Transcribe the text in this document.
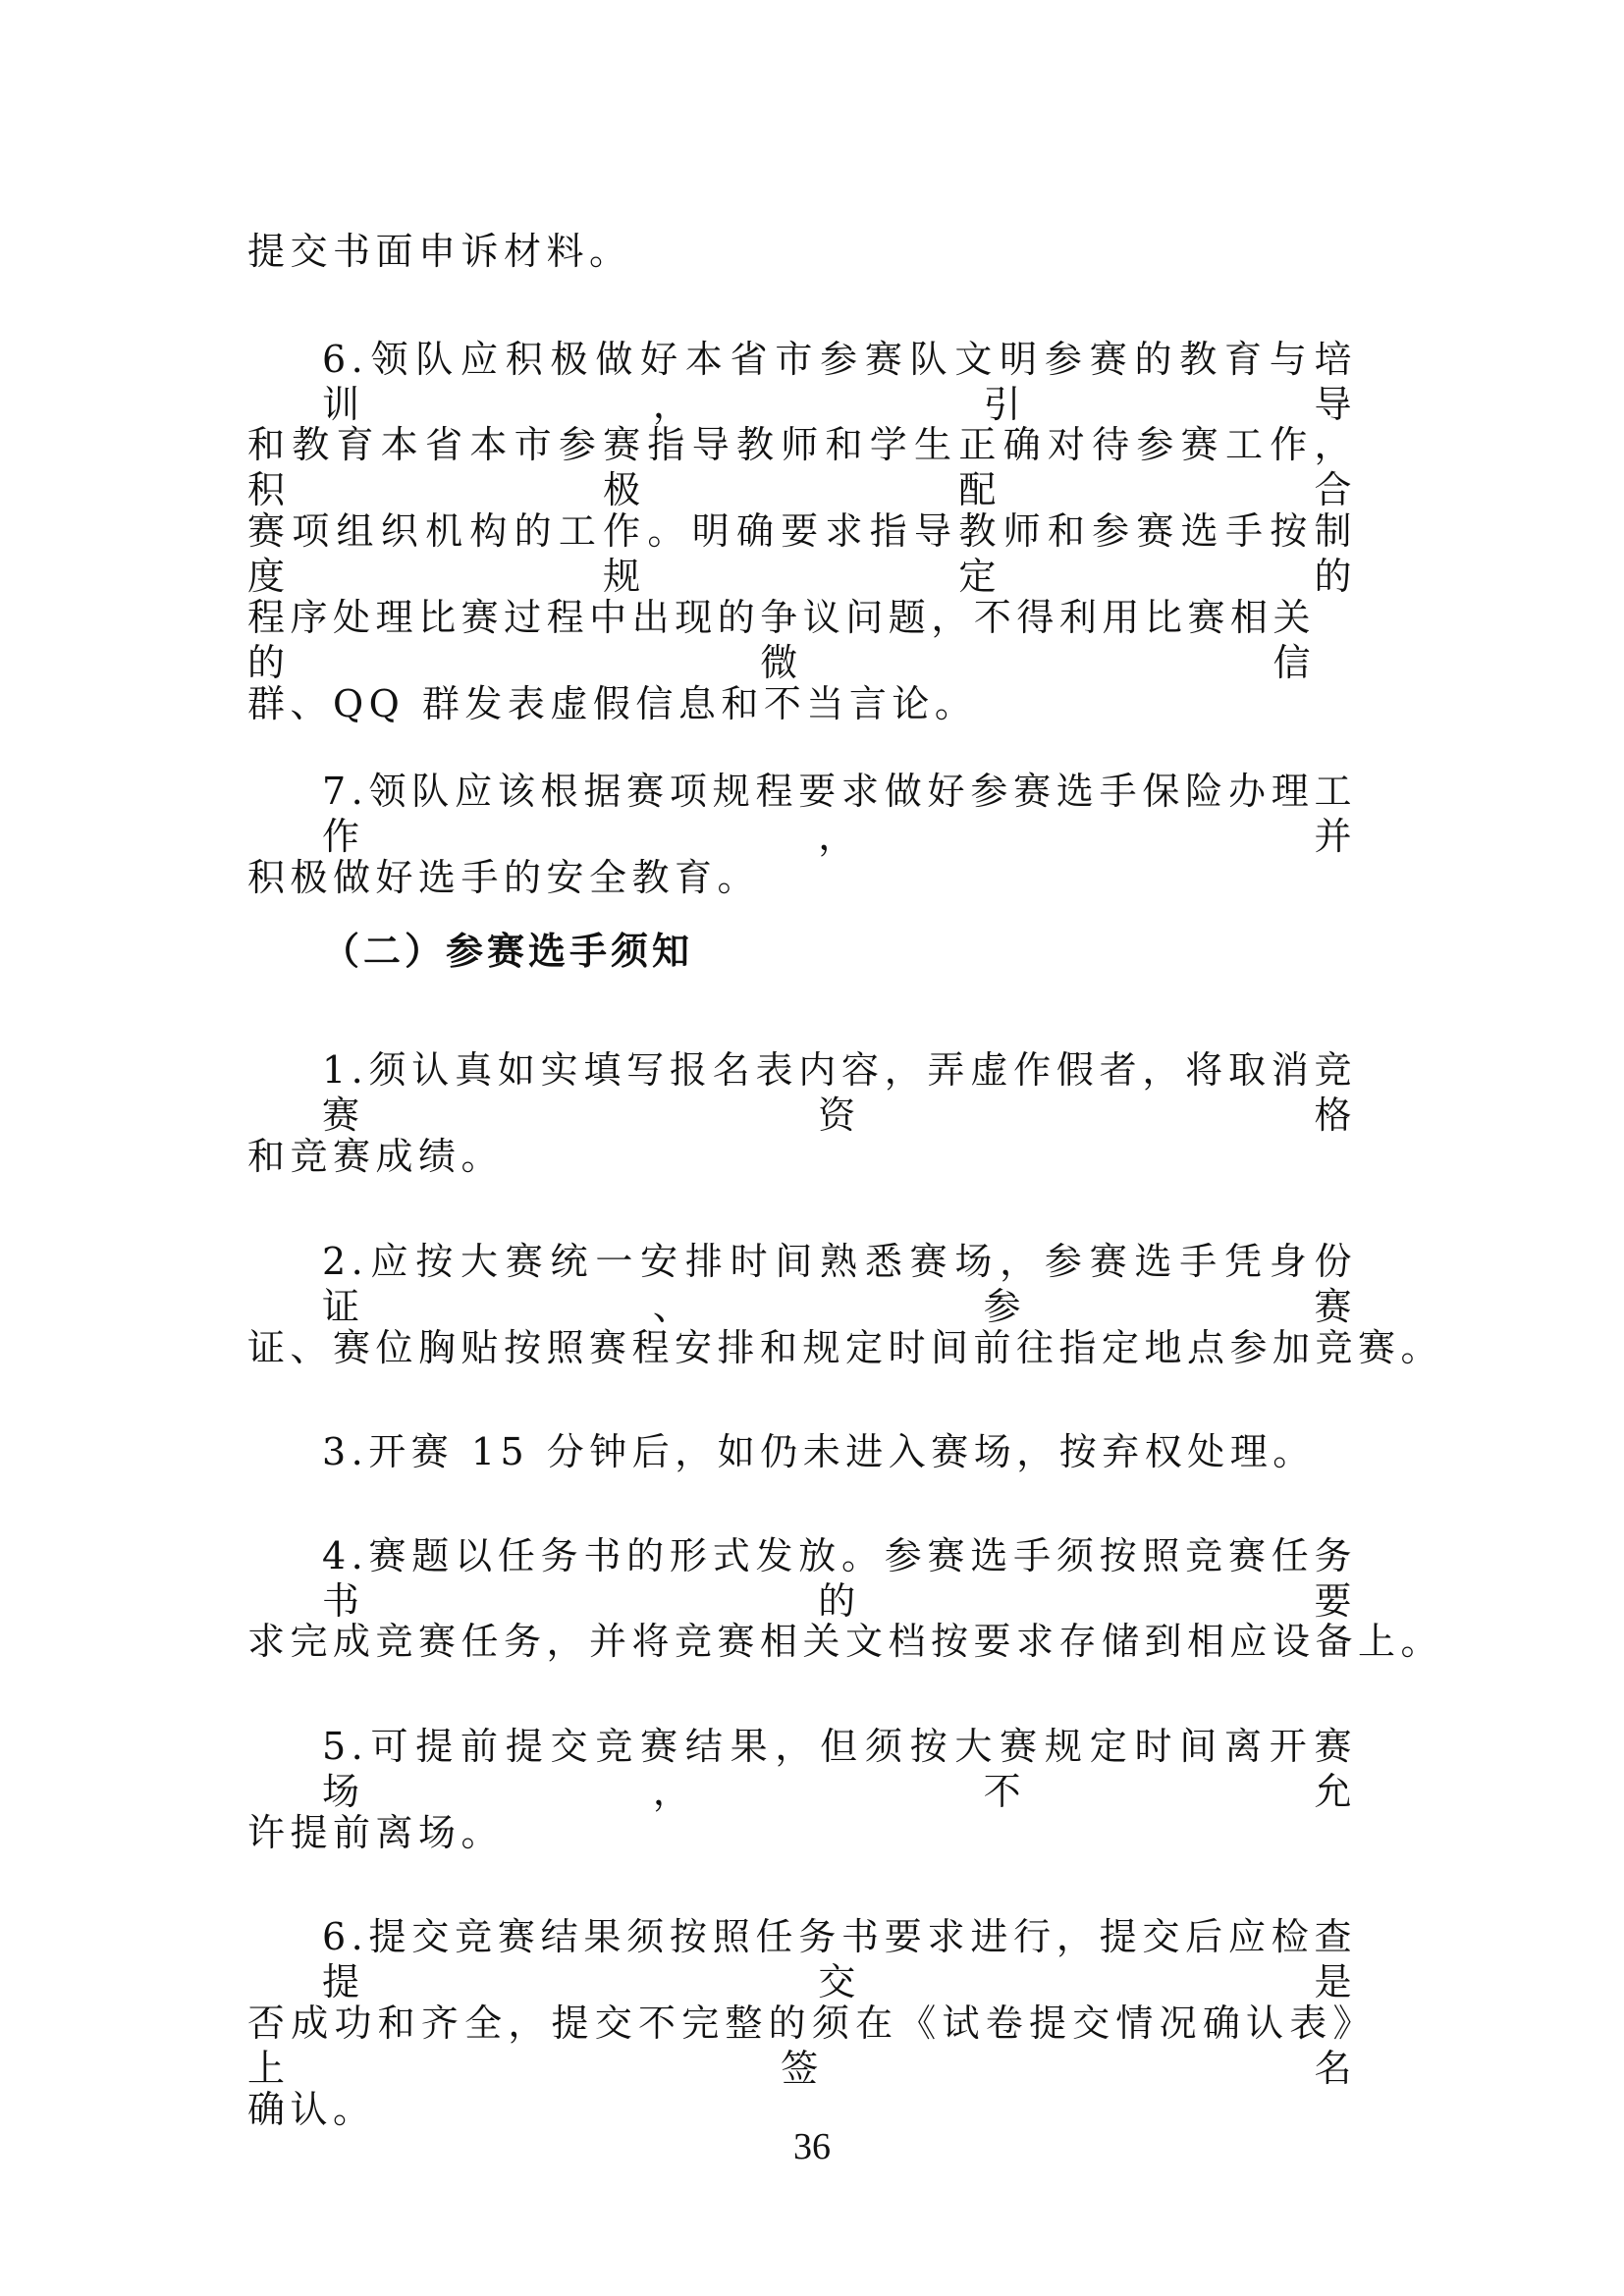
提交书面申诉材料。
6.领队应积极做好本省市参赛队文明参赛的教育与培训，引导
和教育本省本市参赛指导教师和学生正确对待参赛工作，积极配合
赛项组织机构的工作。明确要求指导教师和参赛选手按制度规定的
程序处理比赛过程中出现的争议问题，不得利用比赛相关的微信
群、QQ 群发表虚假信息和不当言论。
7.领队应该根据赛项规程要求做好参赛选手保险办理工作，并
积极做好选手的安全教育。
（二）参赛选手须知
1.须认真如实填写报名表内容，弄虚作假者，将取消竞赛资格
和竞赛成绩。
2.应按大赛统一安排时间熟悉赛场，参赛选手凭身份证、参赛
证、赛位胸贴按照赛程安排和规定时间前往指定地点参加竞赛。
3.开赛 15 分钟后，如仍未进入赛场，按弃权处理。
4.赛题以任务书的形式发放。参赛选手须按照竞赛任务书的要
求完成竞赛任务，并将竞赛相关文档按要求存储到相应设备上。
5.可提前提交竞赛结果，但须按大赛规定时间离开赛场，不允
许提前离场。
6.提交竞赛结果须按照任务书要求进行，提交后应检查提交是
否成功和齐全，提交不完整的须在《试卷提交情况确认表》上签名
确认。
36
